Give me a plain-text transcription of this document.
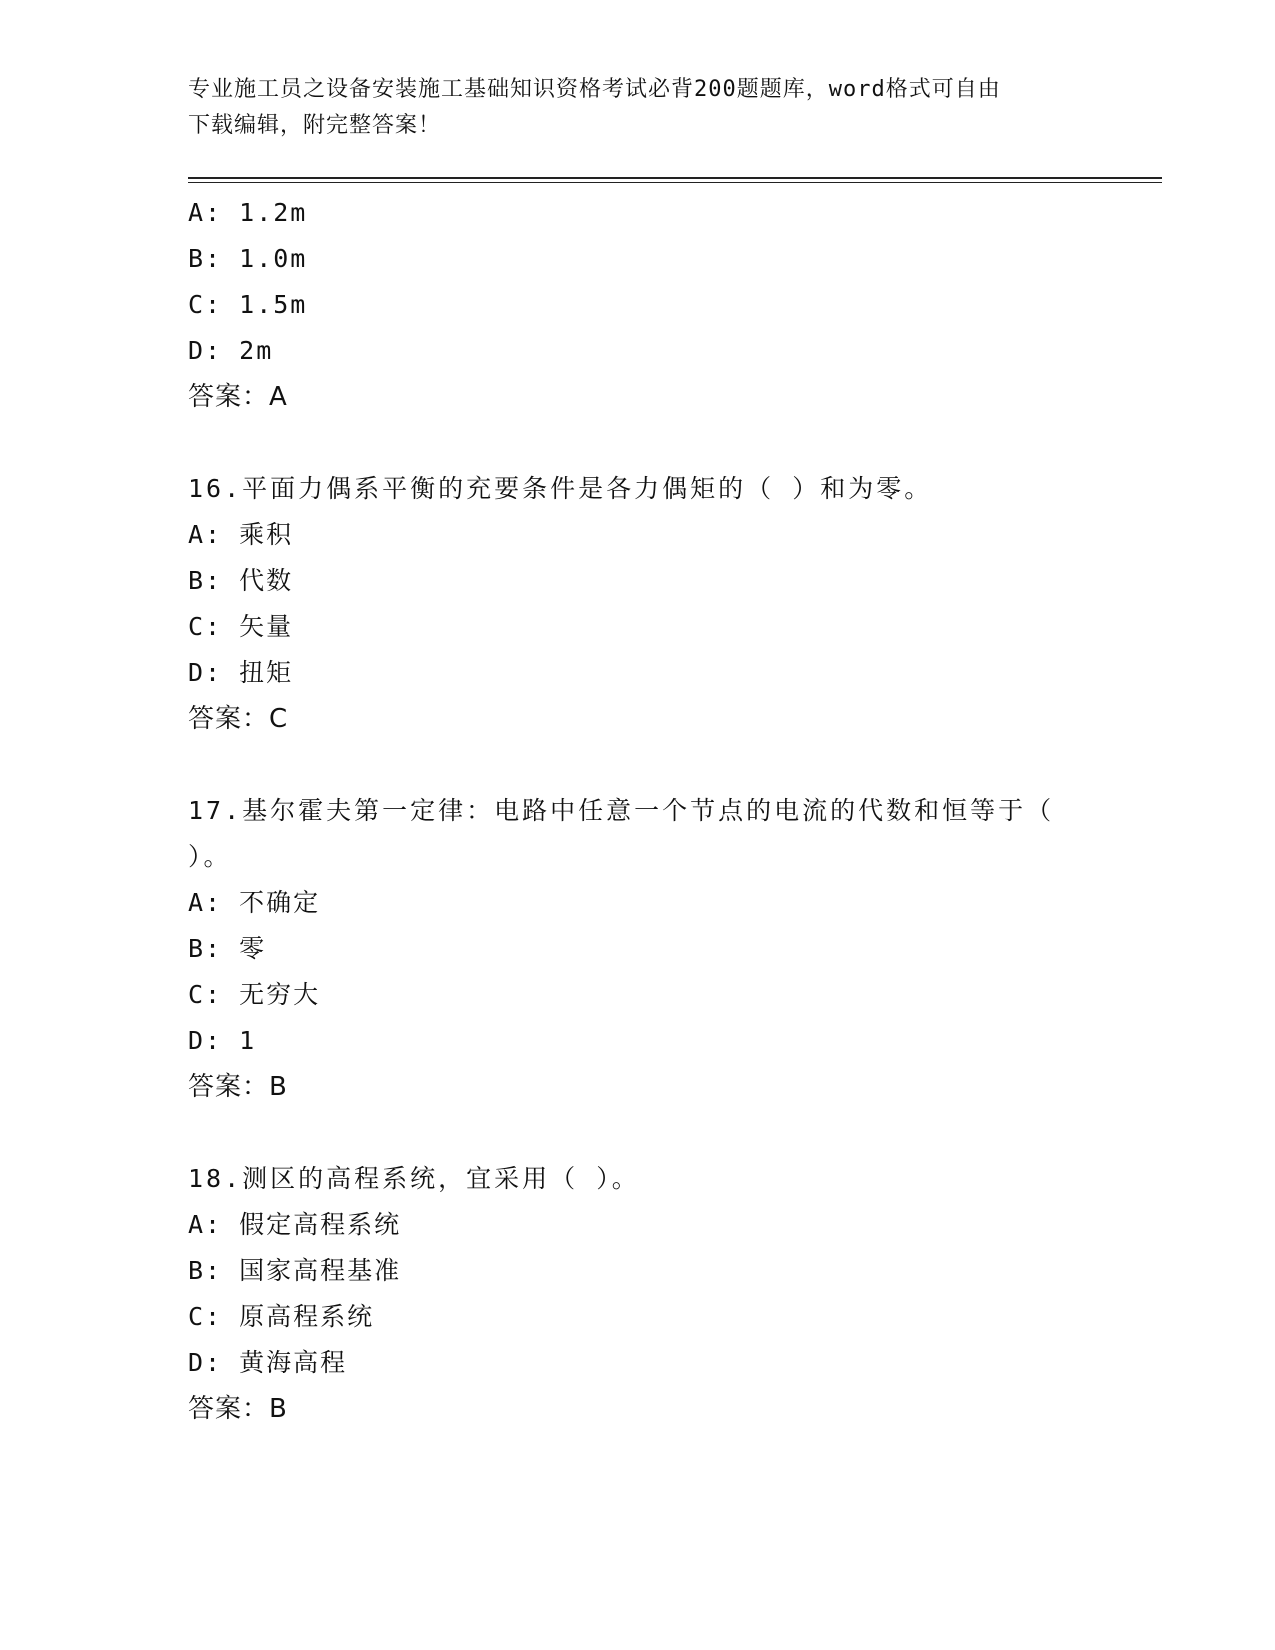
专业施工员之设备安装施工基础知识资格考试必背200题题库，word格式可自由
下载编辑，附完整答案！
A: 1.2m
B: 1.0m
C: 1.5m
D: 2m
答案：A
16.平面力偶系平衡的充要条件是各力偶矩的（ ）和为零。
A: 乘积
B: 代数
C: 矢量
D: 扭矩
答案：C
17.基尔霍夫第一定律：电路中任意一个节点的电流的代数和恒等于（
）。
A: 不确定
B: 零
C: 无穷大
D: 1
答案：B
18.测区的高程系统，宜采用（ ）。
A: 假定高程系统
B: 国家高程基准
C: 原高程系统
D: 黄海高程
答案：B
